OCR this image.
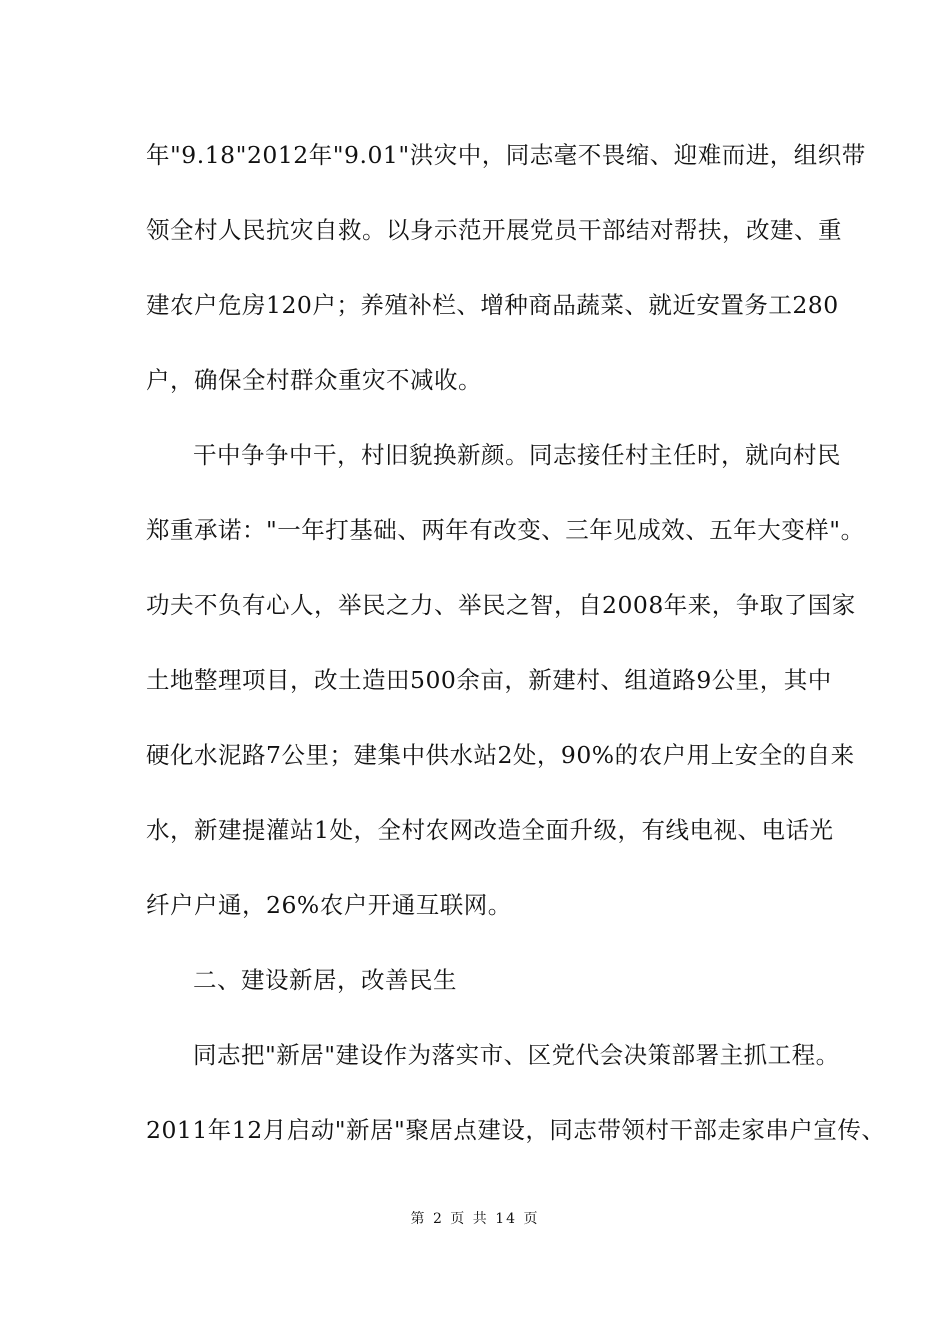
年"9.18"2012年"9.01"洪灾中，同志毫不畏缩、迎难而进，组织带
领全村人民抗灾自救。以身示范开展党员干部结对帮扶，改建、重
建农户危房120户；养殖补栏、增种商品蔬菜、就近安置务工280
户，确保全村群众重灾不减收。
干中争争中干，村旧貌换新颜。同志接任村主任时，就向村民
郑重承诺："一年打基础、两年有改变、三年见成效、五年大变样"。
功夫不负有心人，举民之力、举民之智，自2008年来，争取了国家
土地整理项目，改土造田500余亩，新建村、组道路9公里，其中
硬化水泥路7公里；建集中供水站2处，90%的农户用上安全的自来
水，新建提灌站1处，全村农网改造全面升级，有线电视、电话光
纤户户通，26%农户开通互联网。
二、建设新居，改善民生
同志把"新居"建设作为落实市、区党代会决策部署主抓工程。
2011年12月启动"新居"聚居点建设，同志带领村干部走家串户宣传、
第 2 页 共 14 页
